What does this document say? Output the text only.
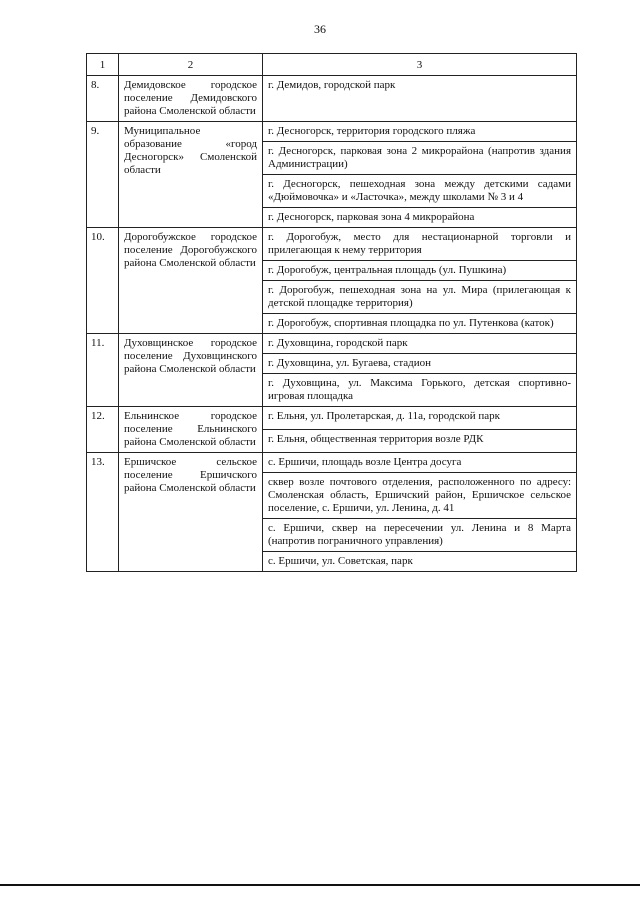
36
1	2	3
8.	Демидовское городское поселение Демидовского района Смоленской области	г. Демидов, городской парк
9.	Муниципальное образование «город Десногорск» Смоленской области	г. Десногорск, территория городского пляжа
		г. Десногорск, парковая зона 2 микрорайона (напротив здания Администрации)
		г. Десногорск, пешеходная зона между детскими садами «Дюймовочка» и «Ласточка», между школами № 3 и 4
		г. Десногорск, парковая зона 4 микрорайона
10.	Дорогобужское городское поселение Дорогобужского района Смоленской области	г. Дорогобуж, место для нестационарной торговли и прилегающая к нему территория
		г. Дорогобуж, центральная площадь (ул. Пушкина)
		г. Дорогобуж, пешеходная зона на ул. Мира (прилегающая к детской площадке территория)
		г. Дорогобуж, спортивная площадка по ул. Путенкова (каток)
11.	Духовщинское городское поселение Духовщинского района Смоленской области	г. Духовщина, городской парк
		г. Духовщина, ул. Бугаева, стадион
		г. Духовщина, ул. Максима Горького, детская спортивно-игровая площадка
12.	Ельнинское городское поселение Ельнинского района Смоленской области	г. Ельня, ул. Пролетарская, д. 11а, городской парк
		г. Ельня, общественная территория возле РДК
13.	Ершичское сельское поселение Ершичского района Смоленской области	с. Ершичи, площадь возле Центра досуга
		сквер возле почтового отделения, расположенного по адресу: Смоленская область, Ершичский район, Ершичское сельское поселение, с. Ершичи, ул. Ленина, д. 41
		с. Ершичи, сквер на пересечении ул. Ленина и 8 Марта (напротив пограничного управления)
		с. Ершичи, ул. Советская, парк
